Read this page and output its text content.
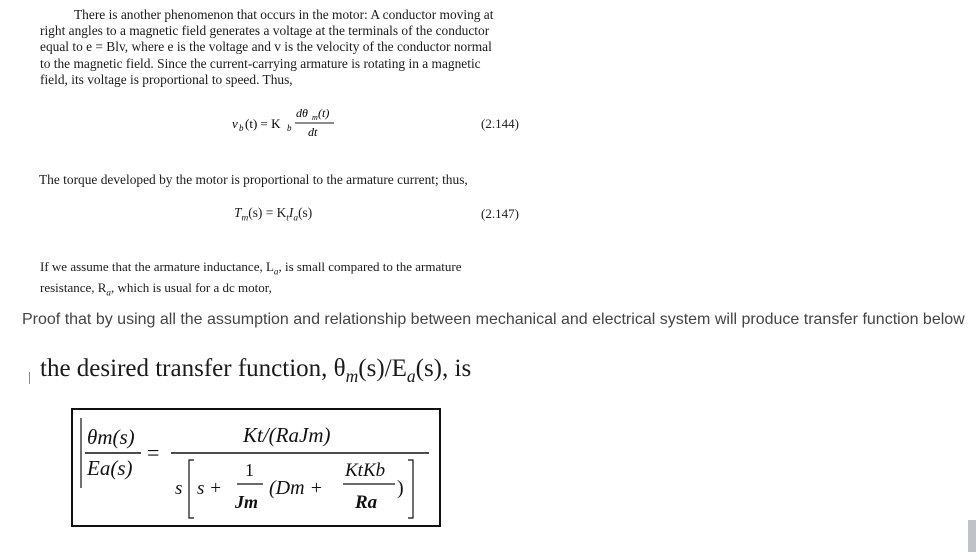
There is another phenomenon that occurs in the motor: A conductor moving at
right angles to a magnetic field generates a voltage at the terminals of the conductor
equal to e = Blv, where e is the voltage and v is the velocity of the conductor normal
to the magnetic field. Since the current-carrying armature is rotating in a magnetic
field, its voltage is proportional to speed. Thus,
v b (t) = K b
dθ m (t)
dt
(2.144)
The torque developed by the motor is proportional to the armature current; thus,
$T_m(s) = K_tI_a(s)$	(2.147)
If we assume that the armature inductance, $L_a$, is small compared to the armature
resistance, $R_a$, which is usual for a dc motor,
Proof that by using all the assumption and relationship between mechanical and electrical system will produce transfer function below
the desired transfer function, $\theta_m(s)/E_a(s)$, is
θm(s)
Ea(s)
=
Kt/(RaJm)
s s +
1
Jm
(Dm +
KtKb
Ra
)
